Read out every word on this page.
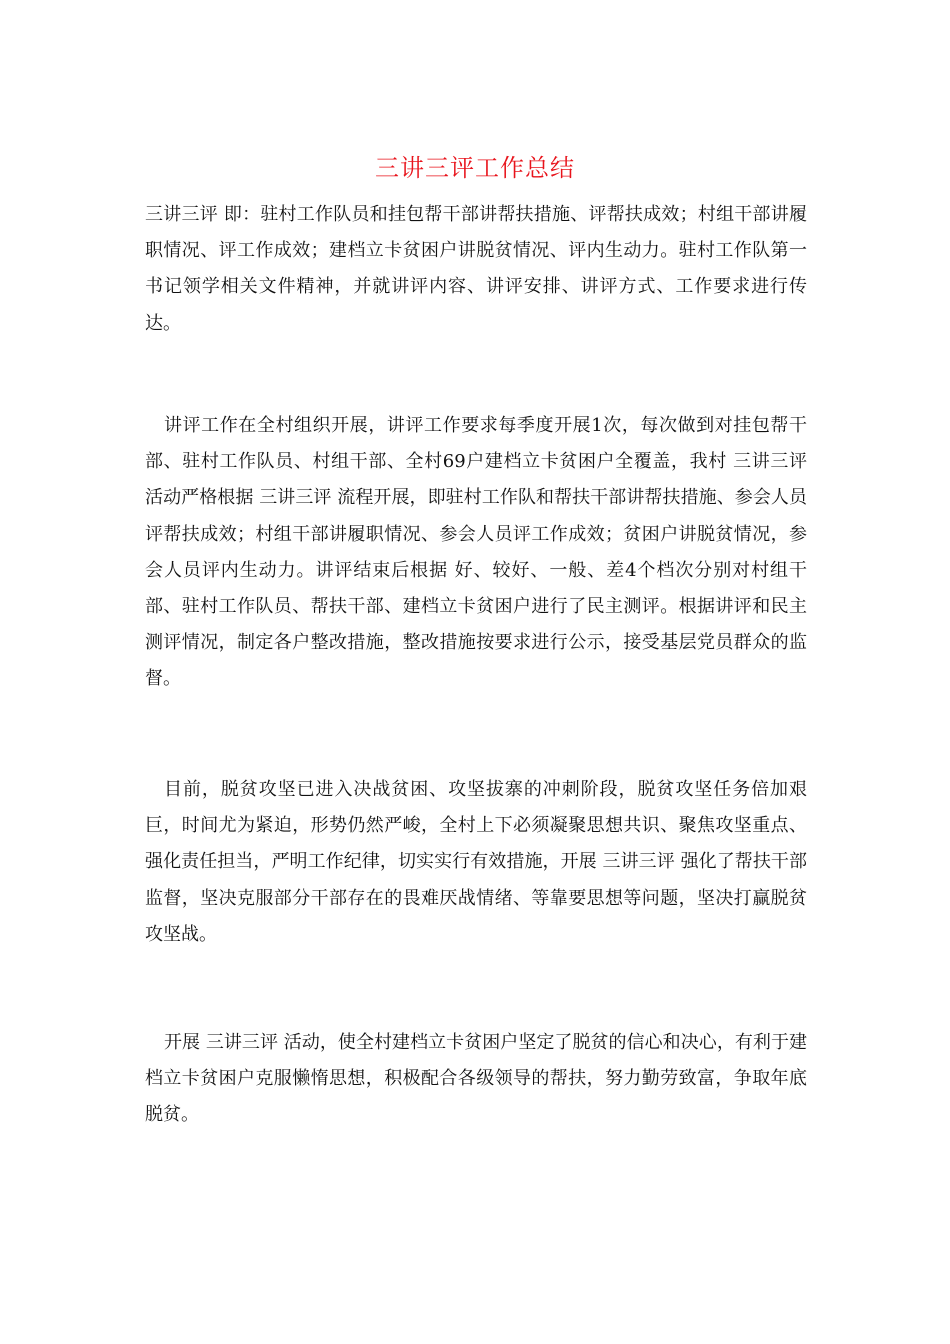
三讲三评工作总结

三讲三评 即：驻村工作队员和挂包帮干部讲帮扶措施、评帮扶成效；村组干部讲履职情况、评工作成效；建档立卡贫困户讲脱贫情况、评内生动力。驻村工作队第一书记领学相关文件精神，并就讲评内容、讲评安排、讲评方式、工作要求进行传达。

讲评工作在全村组织开展，讲评工作要求每季度开展1次，每次做到对挂包帮干部、驻村工作队员、村组干部、全村69户建档立卡贫困户全覆盖，我村 三讲三评 活动严格根据 三讲三评 流程开展，即驻村工作队和帮扶干部讲帮扶措施、参会人员评帮扶成效；村组干部讲履职情况、参会人员评工作成效；贫困户讲脱贫情况，参会人员评内生动力。讲评结束后根据 好、较好、一般、差4个档次分别对村组干部、驻村工作队员、帮扶干部、建档立卡贫困户进行了民主测评。根据讲评和民主测评情况，制定各户整改措施，整改措施按要求进行公示，接受基层党员群众的监督。

目前，脱贫攻坚已进入决战贫困、攻坚拔寨的冲刺阶段，脱贫攻坚任务倍加艰巨，时间尤为紧迫，形势仍然严峻，全村上下必须凝聚思想共识、聚焦攻坚重点、强化责任担当，严明工作纪律，切实实行有效措施，开展 三讲三评 强化了帮扶干部监督，坚决克服部分干部存在的畏难厌战情绪、等靠要思想等问题，坚决打赢脱贫攻坚战。

开展 三讲三评 活动，使全村建档立卡贫困户坚定了脱贫的信心和决心，有利于建档立卡贫困户克服懒惰思想，积极配合各级领导的帮扶，努力勤劳致富，争取年底脱贫。
